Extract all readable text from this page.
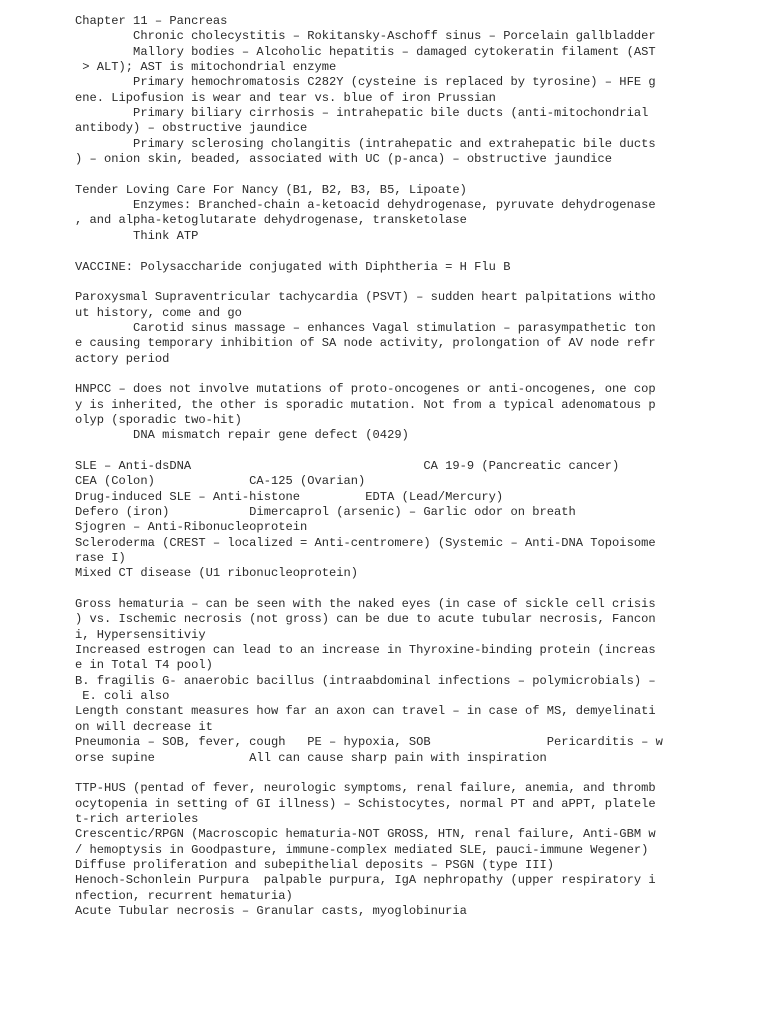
Chapter 11 – Pancreas
Chronic cholecystitis – Rokitansky-Aschoff sinus – Porcelain gallbladder
Mallory bodies – Alcoholic hepatitis – damaged cytokeratin filament (AST
> ALT); AST is mitochondrial enzyme
Primary hemochromatosis C282Y (cysteine is replaced by tyrosine) – HFE g
ene. Lipofusion is wear and tear vs. blue of iron Prussian
Primary biliary cirrhosis – intrahepatic bile ducts (anti-mitochondrial
antibody) – obstructive jaundice
Primary sclerosing cholangitis (intrahepatic and extrahepatic bile ducts
) – onion skin, beaded, associated with UC (p-anca) – obstructive jaundice
Tender Loving Care For Nancy (B1, B2, B3, B5, Lipoate)
Enzymes: Branched-chain a-ketoacid dehydrogenase, pyruvate dehydrogenase
, and alpha-ketoglutarate dehydrogenase, transketolase
Think ATP
VACCINE: Polysaccharide conjugated with Diphtheria = H Flu B
Paroxysmal Supraventricular tachycardia (PSVT) – sudden heart palpitations witho
ut history, come and go
Carotid sinus massage – enhances Vagal stimulation – parasympathetic ton
e causing temporary inhibition of SA node activity, prolongation of AV node refr
actory period
HNPCC – does not involve mutations of proto-oncogenes or anti-oncogenes, one cop
y is inherited, the other is sporadic mutation. Not from a typical adenomatous p
olyp (sporadic two-hit)
DNA mismatch repair gene defect (0429)
SLE – Anti-dsDNA                                CA 19-9 (Pancreatic cancer)
CEA (Colon)             CA-125 (Ovarian)
Drug-induced SLE – Anti-histone         EDTA (Lead/Mercury)
Defero (iron)           Dimercaprol (arsenic) – Garlic odor on breath
Sjogren – Anti-Ribonucleoprotein
Scleroderma (CREST – localized = Anti-centromere) (Systemic – Anti-DNA Topoisome
rase I)
Mixed CT disease (U1 ribonucleoprotein)
Gross hematuria – can be seen with the naked eyes (in case of sickle cell crisis
) vs. Ischemic necrosis (not gross) can be due to acute tubular necrosis, Fancon
i, Hypersensitiviy
Increased estrogen can lead to an increase in Thyroxine-binding protein (increas
e in Total T4 pool)
B. fragilis G- anaerobic bacillus (intraabdominal infections – polymicrobials) –
E. coli also
Length constant measures how far an axon can travel – in case of MS, demyelinati
on will decrease it
Pneumonia – SOB, fever, cough   PE – hypoxia, SOB                Pericarditis – w
orse supine             All can cause sharp pain with inspiration
TTP-HUS (pentad of fever, neurologic symptoms, renal failure, anemia, and thromb
ocytopenia in setting of GI illness) – Schistocytes, normal PT and aPPT, platele
t-rich arterioles
Crescentic/RPGN (Macroscopic hematuria-NOT GROSS, HTN, renal failure, Anti-GBM w
/ hemoptysis in Goodpasture, immune-complex mediated SLE, pauci-immune Wegener)
Diffuse proliferation and subepithelial deposits – PSGN (type III)
Henoch-Schonlein Purpura  palpable purpura, IgA nephropathy (upper respiratory i
nfection, recurrent hematuria)
Acute Tubular necrosis – Granular casts, myoglobinuria
